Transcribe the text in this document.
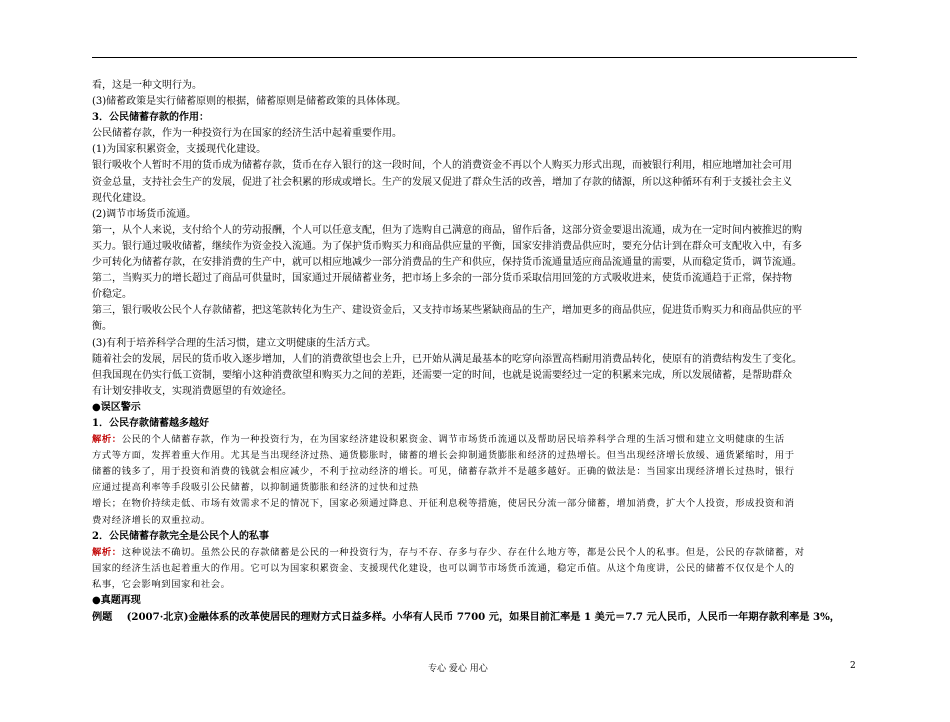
看，这是一种文明行为。
(3)储蓄政策是实行储蓄原则的根据，储蓄原则是储蓄政策的具体体现。
3．公民储蓄存款的作用：
公民储蓄存款，作为一种投资行为在国家的经济生活中起着重要作用。
(1)为国家积累资金，支援现代化建设。
银行吸收个人暂时不用的货币成为储蓄存款，货币在存入银行的这一段时间，个人的消费资金不再以个人购买力形式出现，而被银行利用，相应地增加社会可用
资金总量，支持社会生产的发展，促进了社会积累的形成或增长。生产的发展又促进了群众生活的改善，增加了存款的储源，所以这种循环有利于支援社会主义
现代化建设。
(2)调节市场货币流通。
第一，从个人来说，支付给个人的劳动报酬，个人可以任意支配，但为了选购自己满意的商品，留作后备，这部分资金要退出流通，成为在一定时间内被推迟的购
买力。银行通过吸收储蓄，继续作为资金投入流通。为了保护货币购买力和商品供应量的平衡，国家安排消费品供应时，要充分估计到在群众可支配收入中，有多
少可转化为储蓄存款，在安排消费的生产中，就可以相应地减少一部分消费品的生产和供应，保持货币流通量适应商品流通量的需要，从而稳定货币，调节流通。
第二，当购买力的增长超过了商品可供量时，国家通过开展储蓄业务，把市场上多余的一部分货币采取信用回笼的方式吸收进来，使货币流通趋于正常，保持物
价稳定。
第三，银行吸收公民个人存款储蓄，把这笔款转化为生产、建设资金后，又支持市场某些紧缺商品的生产，增加更多的商品供应，促进货币购买力和商品供应的平
衡。
(3)有利于培养科学合理的生活习惯，建立文明健康的生活方式。
随着社会的发展，居民的货币收入逐步增加，人们的消费欲望也会上升，已开始从满足最基本的吃穿向添置高档耐用消费品转化，使原有的消费结构发生了变化。
但我国现在仍实行低工资制，要缩小这种消费欲望和购买力之间的差距，还需要一定的时间，也就是说需要经过一定的积累来完成，所以发展储蓄，是帮助群众
有计划安排收支，实现消费愿望的有效途径。
●误区警示
1．公民存款储蓄越多越好
解析：公民的个人储蓄存款，作为一种投资行为，在为国家经济建设积累资金、调节市场货币流通以及帮助居民培养科学合理的生活习惯和建立文明健康的生活
方式等方面，发挥着重大作用。尤其是当出现经济过热、通货膨胀时，储蓄的增长会抑制通货膨胀和经济的过热增长。但当出现经济增长放缓、通货紧缩时，用于
储蓄的钱多了，用于投资和消费的钱就会相应减少，不利于拉动经济的增长。可见，储蓄存款并不是越多越好。正确的做法是：当国家出现经济增长过热时，银行
应通过提高利率等手段吸引公民储蓄，以抑制通货膨胀和经济的过快和过热
增长；在物价持续走低、市场有效需求不足的情况下，国家必须通过降息、开征利息税等措施，使居民分流一部分储蓄，增加消费，扩大个人投资，形成投资和消
费对经济增长的双重拉动。
2．公民储蓄存款完全是公民个人的私事
解析：这种说法不确切。虽然公民的存款储蓄是公民的一种投资行为，存与不存、存多与存少、存在什么地方等，都是公民个人的私事。但是，公民的存款储蓄，对
国家的经济生活也起着重大的作用。它可以为国家积累资金、支援现代化建设，也可以调节市场货币流通，稳定币值。从这个角度讲，公民的储蓄不仅仅是个人的
私事，它会影响到国家和社会。
●真题再现
例题 (2007·北京)金融体系的改革使居民的理财方式日益多样。小华有人民币 7700 元，如果目前汇率是 1 美元＝7.7 元人民币，人民币一年期存款利率是 3%，
专心 爱心 用心	2
